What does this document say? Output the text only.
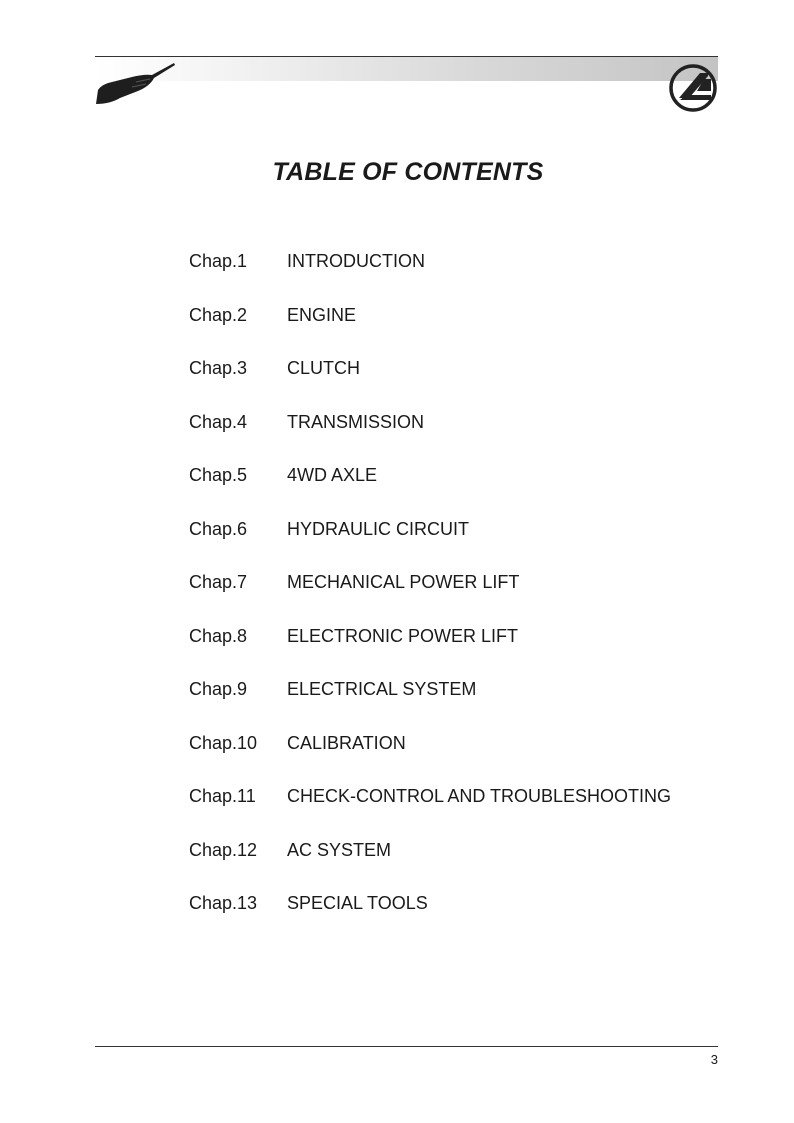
TABLE OF CONTENTS
Chap.1	INTRODUCTION
Chap.2	ENGINE
Chap.3	CLUTCH
Chap.4	TRANSMISSION
Chap.5	4WD AXLE
Chap.6	HYDRAULIC CIRCUIT
Chap.7	MECHANICAL POWER LIFT
Chap.8	ELECTRONIC POWER LIFT
Chap.9	ELECTRICAL SYSTEM
Chap.10	CALIBRATION
Chap.11	CHECK-CONTROL AND TROUBLESHOOTING
Chap.12	AC SYSTEM
Chap.13	SPECIAL TOOLS
3
